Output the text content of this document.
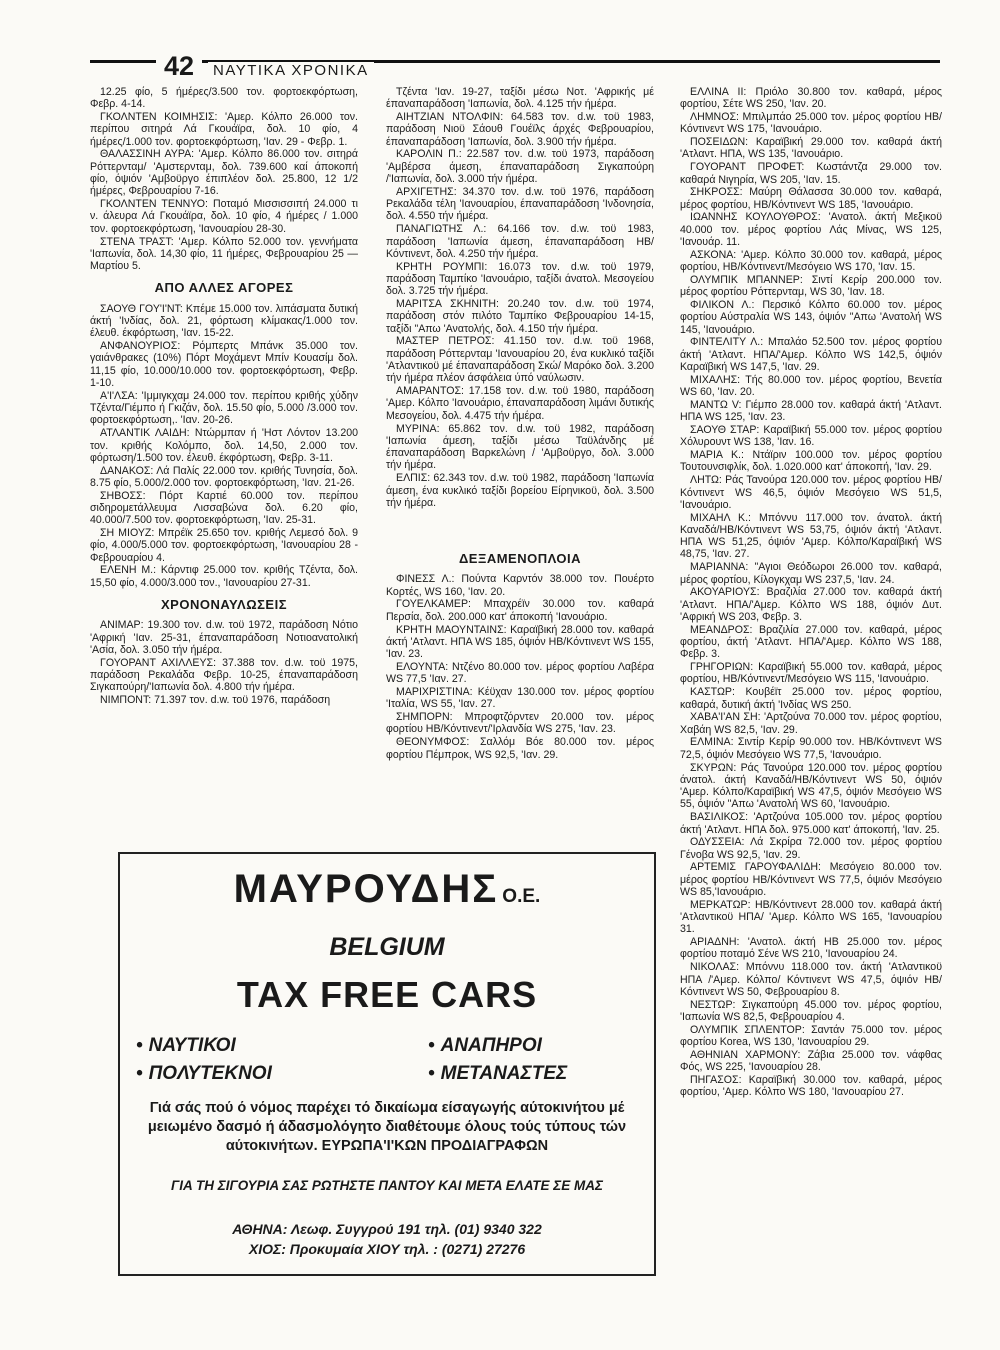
42	ΝΑΥΤΙΚΑ ΧΡΟΝΙΚΑ

12.25 φίο, 5 ήμέρες/3.500 τον. φορτοεκφόρτωση, Φεβρ. 4-14.

ΓΚΟΛΝΤΕΝ ΚΟΙΜΗΣΙΣ: 'Αμερ. Κόλπο 26.000 τον. περίπου σιτηρά Λά Γκουάϊρα, δολ. 10 φίο, 4 ήμέρες/1.000 τον. φορτοεκφόρτωση, 'Ιαν. 29 - Φεβρ. 1.

ΘΑΛΑΣΣΙΝΗ ΑΥΡΑ: 'Αμερ. Κόλπο 86.000 τον. σιτηρά Ρόττερνταμ/ 'Αμστερνταμ, δολ. 739.600 καί άποκοπή φίο, όψιόν 'Αμβοϋργο έπιπλέον δολ. 25.800, 12 1/2 ήμέρες, Φεβρουαρίου 7-16.

ΓΚΟΛΝΤΕΝ ΤΕΝΝΥΟ: Ποταμό Μισσισσιπή 24.000 τι ν. άλευρα Λά Γκουάϊρα, δολ. 10 φίο, 4 ήμέρες / 1.000 τον. φορτοεκφόρτωση, 'Ιανουαρίου 28-30.

ΣΤΕΝΑ ΤΡΑΣΤ: 'Αμερ. Κόλπο 52.000 τον. γεννήματα 'Ιαπωνία, δολ. 14,30 φίο, 11 ήμέρες, Φεβρουαρίου 25 — Μαρτίου 5.

ΑΠΟ ΑΛΛΕΣ ΑΓΟΡΕΣ

ΣΑΟΥΘ ΓΟΥ'Ι'ΝΤ: Κπέμε 15.000 τον. λιπάσματα δυτική άκτή 'Ινδίας, δολ. 21, φόρτωση κλίμακας/1.000 τον. έλευθ. έκφόρτωση, 'Ιαν. 15-22.

ΑΝΦΑΝΟΥΡΙΟΣ: Ρόμπερτς Μπάνκ 35.000 τον. γαιάνθρακες (10%) Πόρτ Μοχάμεντ Μπίν Κουασίμ δολ. 11,15 φίο, 10.000/10.000 τον. φορτοεκφόρτωση, Φεβρ. 1-10.

Α'Ι'ΛΣΑ: 'Ιμμιγκχαμ 24.000 τον. περίπου κριθής χύδην Τζέντα/Γιέμπο ή Γκιζάν, δολ. 15.50 φίο, 5.000 /3.000 τον. φορτοεκφόρτωση,. 'Ιαν. 20-26.

ΑΤΛΑΝΤΙΚ ΛΑΙΔΗ: Ντώρμπαν ή 'Ηστ Λόντον 13.200 τον. κριθής Κολόμπο, δολ. 14,50, 2.000 τον. φόρτωση/1.500 τον. έλευθ. έκφόρτωση, Φεβρ. 3-11.

ΔΑΝΑΚΟΣ: Λά Παλίς 22.000 τον. κριθής Τυνησία, δολ. 8.75 φίο, 5.000/2.000 τον. φορτοεκφόρτωση, 'Ιαν. 21-26.

ΣΗΒΟΣΣ: Πόρτ Καρτιέ 60.000 τον. περίπου σιδηρομετάλλευμα Λισσαβώνα δολ. 6.20 φίο, 40.000/7.500 τον. φορτοεκφόρτωση, 'Ιαν. 25-31.

ΣΗ ΜΙΟΥΖ: Μπρέϊκ 25.650 τον. κριθής Λεμεσό δολ. 9 φίο, 4.000/5.000 τον. φορτοεκφόρτωση, 'Ιανουαρίου 28 - Φεβρουαρίου 4.

ΕΛΕΝΗ Μ.: Κάρντιφ 25.000 τον. κριθής Τζέντα, δολ. 15,50 φίο, 4.000/3.000 τον., 'Ιανουαρίου 27-31.

ΧΡΟΝΟΝΑΥΛΩΣΕΙΣ

ΑΝΙΜΑΡ: 19.300 τον. d.w. τοϋ 1972, παράδοση Νότιο 'Αφρική 'Ιαν. 25-31, έπαναπαράδοση Νοτιοανατολική 'Ασία, δολ. 3.050 τήν ήμέρα.

ΓΟΥΟΡΑΝΤ ΑΧΙΛΛΕΥΣ: 37.388 τον. d.w. τοϋ 1975, παράδοση Ρεκαλάδα Φεβρ. 10-25, έπαναπαράδοση Σιγκαπούρη/'Ιαπωνία δολ. 4.800 τήν ήμέρα.

ΝΙΜΠΟΝΤ: 71.397 τον. d.w. τοϋ 1976, παράδοση

Τζέντα 'Ιαν. 19-27, ταξίδι μέσω Νοτ. 'Αφρικής μέ έπαναπαράδοση 'Ιαπωνία, δολ. 4.125 τήν ήμέρα.

ΑΙΗΤΖΙΑΝ ΝΤΟΛΦΙΝ: 64.583 τον. d.w. τοϋ 1983, παράδοση Νιοϋ Σάουθ Γουέϊλς άρχές Φεβρουαρίου, έπαναπαράδοση 'Ιαπωνία, δολ. 3.900 τήν ήμέρα.

ΚΑΡΟΛΙΝ Π.: 22.587 τον. d.w. τοϋ 1973, παράδοση 'Αμβέρσα άμεση, έπαναπαράδοση Σιγκαπούρη /'Ιαπωνία, δολ. 3.000 τήν ήμέρα.

ΑΡΧΙΓΕΤΗΣ: 34.370 τον. d.w. τοϋ 1976, παράδοση Ρεκαλάδα τέλη 'Ιανουαρίου, έπαναπαράδοση 'Ινδονησία, δολ. 4.550 τήν ήμέρα.

ΠΑΝΑΓΙΩΤΗΣ Λ.: 64.166 τον. d.w. τοϋ 1983, παράδοση 'Ιαπωνία άμεση, έπαναπαράδοση ΗΒ/Κόντινεντ, δολ. 4.250 τήν ήμέρα.

ΚΡΗΤΗ ΡΟΥΜΠΙ: 16.073 τον. d.w. τοϋ 1979, παράδοση Ταμπίκο 'Ιανουάριο, ταξίδι άνατολ. Μεσογείου δολ. 3.725 τήν ήμέρα.

ΜΑΡΙΤΣΑ ΣΚΗΝΙΤΗ: 20.240 τον. d.w. τοϋ 1974, παράδοση στόν πιλότο Ταμπίκο Φεβρουαρίου 14-15, ταξίδι "Απω 'Ανατολής, δολ. 4.150 τήν ήμέρα.

ΜΑΣΤΕΡ ΠΕΤΡΟΣ: 41.150 τον. d.w. τοϋ 1968, παράδοση Ρόττερνταμ 'Ιανουαρίου 20, ένα κυκλικό ταξίδι 'Ατλαντικοϋ μέ έπαναπαράδοση Σκώ/ Μαρόκο δολ. 3.200 τήν ήμέρα πλέον άσφάλεια ύπό ναύλωσιν.

ΑΜΑΡΑΝΤΟΣ: 17.158 τον. d.w. τοϋ 1980, παράδοση 'Αμερ. Κόλπο 'Ιανουάριο, έπαναπαράδοση λιμάνι δυτικής Μεσογείου, δολ. 4.475 τήν ήμέρα.

ΜΥΡΙΝΑ: 65.862 τον. d.w. τοϋ 1982, παράδοση 'Ιαπωνία άμεση, ταξίδι μέσω Ταϋλάνδης μέ έπαναπαράδοση Βαρκελώνη / 'Αμβοϋργο, δολ. 3.000 τήν ήμέρα.

ΕΛΠΙΣ: 62.343 τον. d.w. τοϋ 1982, παράδοση 'Ιαπωνία άμεση, ένα κυκλικό ταξίδι βορείου Είρηνικοϋ, δολ. 3.500 τήν ήμέρα.

ΔΕΞΑΜΕΝΟΠΛΟΙΑ

ΦΙΝΕΣΣ Λ.: Πούντα Καρντόν 38.000 τον. Πουέρτο Κορτές, WS 160, 'Ιαν. 20.

ΓΟΥΕΛΚΑΜΕΡ: Μπαχρέϊν 30.000 τον. καθαρά Περσία, δολ. 200.000 κατ' άποκοπή 'Ιανουάριο.

ΚΡΗΤΗ ΜΑΟΥΝΤΑΙΝΣ: Καραϊβική 28.000 τον. καθαρά άκτή 'Ατλαντ. ΗΠΑ WS 185, όψιόν ΗΒ/Κόντινεντ WS 155, 'Ιαν. 23.

ΕΛΟΥΝΤΑ: Ντζένο 80.000 τον. μέρος φορτίου Λαβέρα WS 77,5 'Ιαν. 27.

ΜΑΡΙΧΡΙΣΤΙΝΑ: Κέϋχαν 130.000 τον. μέρος φορτίου 'Ιταλία, WS 55, 'Ιαν. 27.

ΣΗΜΠΟΡΝ: Μπροφτζόρντεν 20.000 τον. μέρος φορτίου ΗΒ/Κόντινεντ/'Ιρλανδία WS 275, 'Ιαν. 23.

ΘΕΟΝΥΜΦΟΣ: Σαλλόμ Βόε 80.000 τον. μέρος φορτίου Πέμπροκ, WS 92,5, 'Ιαν. 29.

ΕΛΛΙΝΑ ΙΙ: Πριόλο 30.800 τον. καθαρά, μέρος φορτίου, Σέτε WS 250, 'Ιαν. 20.

ΛΗΜΝΟΣ: Μπιλμπάο 25.000 τον. μέρος φορτίου ΗΒ/Κόντινεντ WS 175, 'Ιανουάριο.

ΠΟΣΕΙΔΩΝ: Καραϊβική 29.000 τον. καθαρά άκτή 'Ατλαντ. ΗΠΑ, WS 135, 'Ιανουάριο.

ΓΟΥΟΡΑΝΤ ΠΡΟΦΕΤ: Κωστάντζα 29.000 τον. καθαρά Νιγηρία, WS 205, 'Ιαν. 15.

ΣΗΚΡΟΣΣ: Μαύρη Θάλασσα 30.000 τον. καθαρά, μέρος φορτίου, ΗΒ/Κόντινεντ WS 185, 'Ιανουάριο.

ΙΩΑΝΝΗΣ ΚΟΥΛΟΥΘΡΟΣ: 'Ανατολ. άκτή Μεξικοϋ 40.000 τον. μέρος φορτίου Λάς Μίνας, WS 125, 'Ιανουάρ. 11.

ΑΣΚΟΝΑ: 'Αμερ. Κόλπο 30.000 τον. καθαρά, μέρος φορτίου, ΗΒ/Κόντινεντ/Μεσόγειο WS 170, 'Ιαν. 15.

ΟΛΥΜΠΙΚ ΜΠΑΝΝΕΡ: Σιντί Κερίρ 200.000 τον. μέρος φορτίου Ρόττερνταμ, WS 30, 'Ιαν. 18.

ΦΙΛΙΚΟΝ Λ.: Περσικό Κόλπο 60.000 τον. μέρος φορτίου Αύστραλία WS 143, όψιόν "Απω 'Ανατολή WS 145, 'Ιανουάριο.

ΦΙΝΤΕΛΙΤΥ Λ.: Μπαλάο 52.500 τον. μέρος φορτίου άκτή 'Ατλαντ. ΗΠΑ/'Αμερ. Κόλπο WS 142,5, όψιόν Καραϊβική WS 147,5, 'Ιαν. 29.

ΜΙΧΑΛΗΣ: Τής 80.000 τον. μέρος φορτίου, Βενετία WS 60, 'Ιαν. 20.

ΜΑΝΤΩ V: Γιέμπο 28.000 τον. καθαρά άκτή 'Ατλαντ. ΗΠΑ WS 125, 'Ιαν. 23.

ΣΑΟΥΘ ΣΤΑΡ: Καραϊβική 55.000 τον. μέρος φορτίου Χόλυρουντ WS 138, 'Ιαν. 16.

ΜΑΡΙΑ Κ.: Ντάϊριν 100.000 τον. μέρος φορτίου Τουτουνσιφλίκ, δολ. 1.020.000 κατ' άποκοπή, 'Ιαν. 29.

ΛΗΤΩ: Ράς Τανούρα 120.000 τον. μέρος φορτίου ΗΒ/Κόντινεντ WS 46,5, όψιόν Μεσόγειο WS 51,5, 'Ιανουάριο.

ΜΙΧΑΗΛ Κ.: Μπόννυ 117.000 τον. άνατολ. άκτή Καναδά/ΗΒ/Κόντινεντ WS 53,75, όψιόν άκτή 'Ατλαντ. ΗΠΑ WS 51,25, όψιόν 'Αμερ. Κόλπο/Καραϊβική WS 48,75, 'Ιαν. 27.

ΜΑΡΙΑΝΝΑ: "Αγιοι Θεόδωροι 26.000 τον. καθαρά, μέρος φορτίου, Κίλογκχαμ WS 237,5, 'Ιαν. 24.

ΑΚΟΥΑΡΙΟΥΣ: Βραζιλία 27.000 τον. καθαρά άκτή 'Ατλαντ. ΗΠΑ/'Αμερ. Κόλπο WS 188, όψιόν Δυτ. 'Αφρική WS 203, Φεβρ. 3.

ΜΕΑΝΔΡΟΣ: Βραζιλία 27.000 τον. καθαρά, μέρος φορτίου, άκτή 'Ατλαντ. ΗΠΑ/'Αμερ. Κόλπο WS 188, Φεβρ. 3.

ΓΡΗΓΟΡΙΩΝ: Καραϊβική 55.000 τον. καθαρά, μέρος φορτίου, ΗΒ/Κόντινεντ/Μεσόγειο WS 115, 'Ιανουάριο.

ΚΑΣΤΩΡ: Κουβέϊτ 25.000 τον. μέρος φορτίου, καθαρά, δυτική άκτή 'Ινδίας WS 250.

ΧΑΒΑ'Ι'ΑΝ ΣΗ: 'Αρτζούνα 70.000 τον. μέρος φορτίου, Χαβάη WS 82,5, 'Ιαν. 29.

ΕΛΜΙΝΑ: Σιντίρ Κερίρ 90.000 τον. ΗΒ/Κόντινεντ WS 72,5, όψιόν Μεσόγειο WS 77,5, 'Ιανουάριο.

ΣΚΥΡΩΝ: Ράς Τανούρα 120.000 τον. μέρος φορτίου άνατολ. άκτή Καναδά/ΗΒ/Κόντινεντ WS 50, όψιόν 'Αμερ. Κόλπο/Καραϊβική WS 47,5, όψιόν Μεσόγειο WS 55, όψιόν "Απω 'Ανατολή WS 60, 'Ιανουάριο.

ΒΑΣΙΛΙΚΟΣ: 'Αρτζούνα 105.000 τον. μέρος φορτίου άκτή 'Ατλαντ. ΗΠΑ δολ. 975.000 κατ' άποκοπή, 'Ιαν. 25.

ΟΔΥΣΣΕΙΑ: Λά Σκρίρα 72.000 τον. μέρος φορτίου Γένοβα WS 92,5, 'Ιαν. 29.

ΑΡΤΕΜΙΣ ΓΑΡΟΥΦΑΛΙΔΗ: Μεσόγειο 80.000 τον. μέρος φορτίου ΗΒ/Κόντινεντ WS 77,5, όψιόν Μεσόγειο WS 85,'Ιανουάριο.

ΜΕΡΚΑΤΩΡ: ΗΒ/Κόντινεντ 28.000 τον. καθαρά άκτή 'Ατλαντικοϋ ΗΠΑ/ 'Αμερ. Κόλπο WS 165, 'Ιανουαρίου 31.

ΑΡΙΑΔΝΗ: 'Ανατολ. άκτή ΗΒ 25.000 τον. μέρος φορτίου ποταμό Σένε WS 210, 'Ιανουαρίου 24.

ΝΙΚΟΛΑΣ: Μπόννυ 118.000 τον. άκτή 'Ατλαντικοϋ ΗΠΑ /'Αμερ. Κόλπο/ Κόντινεντ WS 47,5, όψιόν ΗΒ/Κόντινεντ WS 50, Φεβρουαρίου 8.

ΝΕΣΤΩΡ: Σιγκαπούρη 45.000 τον. μέρος φορτίου, 'Ιαπωνία WS 82,5, Φεβρουαρίου 4.

ΟΛΥΜΠΙΚ ΣΠΛΕΝΤΟΡ: Σαντάν 75.000 τον. μέρος φορτίου Κοrea, WS 130, 'Ιανουαρίου 29.

ΑΘΗΝΙΑΝ ΧΑΡΜΟΝΥ: Ζάβια 25.000 τον. νάφθας Φός, WS 225, 'Ιανουαρίου 28.

ΠΗΓΑΣΟΣ: Καραϊβική 30.000 τον. καθαρά, μέρος φορτίου, 'Αμερ. Κόλπο WS 180, 'Ιανουαρίου 27.

ΜΑΥΡΟΥΔΗΣ Ο.Ε.
BELGIUM
TAX FREE CARS
• ΝΑΥΤΙΚΟΙ
• ΠΟΛΥΤΕΚΝΟΙ
• ΑΝΑΠΗΡΟΙ
• ΜΕΤΑΝΑΣΤΕΣ
Γιά σάς πού ό νόμος παρέχει τό δικαίωμα είσαγωγής αύτοκινήτου μέ μειωμένο δασμό ή άδασμολόγητο διαθέτουμε όλους τούς τύπους τών αύτοκινήτων. ΕΥΡΩΠΑ'Ι'ΚΩΝ ΠΡΟΔΙΑΓΡΑΦΩΝ
ΓΙΑ ΤΗ ΣΙΓΟΥΡΙΑ ΣΑΣ ΡΩΤΗΣΤΕ ΠΑΝΤΟΥ ΚΑΙ ΜΕΤΑ ΕΛΑΤΕ ΣΕ ΜΑΣ
ΑΘΗΝΑ: Λεωφ. Συγγρού 191 τηλ. (01) 9340 322
ΧΙΟΣ: Προκυμαία ΧΙΟΥ τηλ. : (0271) 27276
